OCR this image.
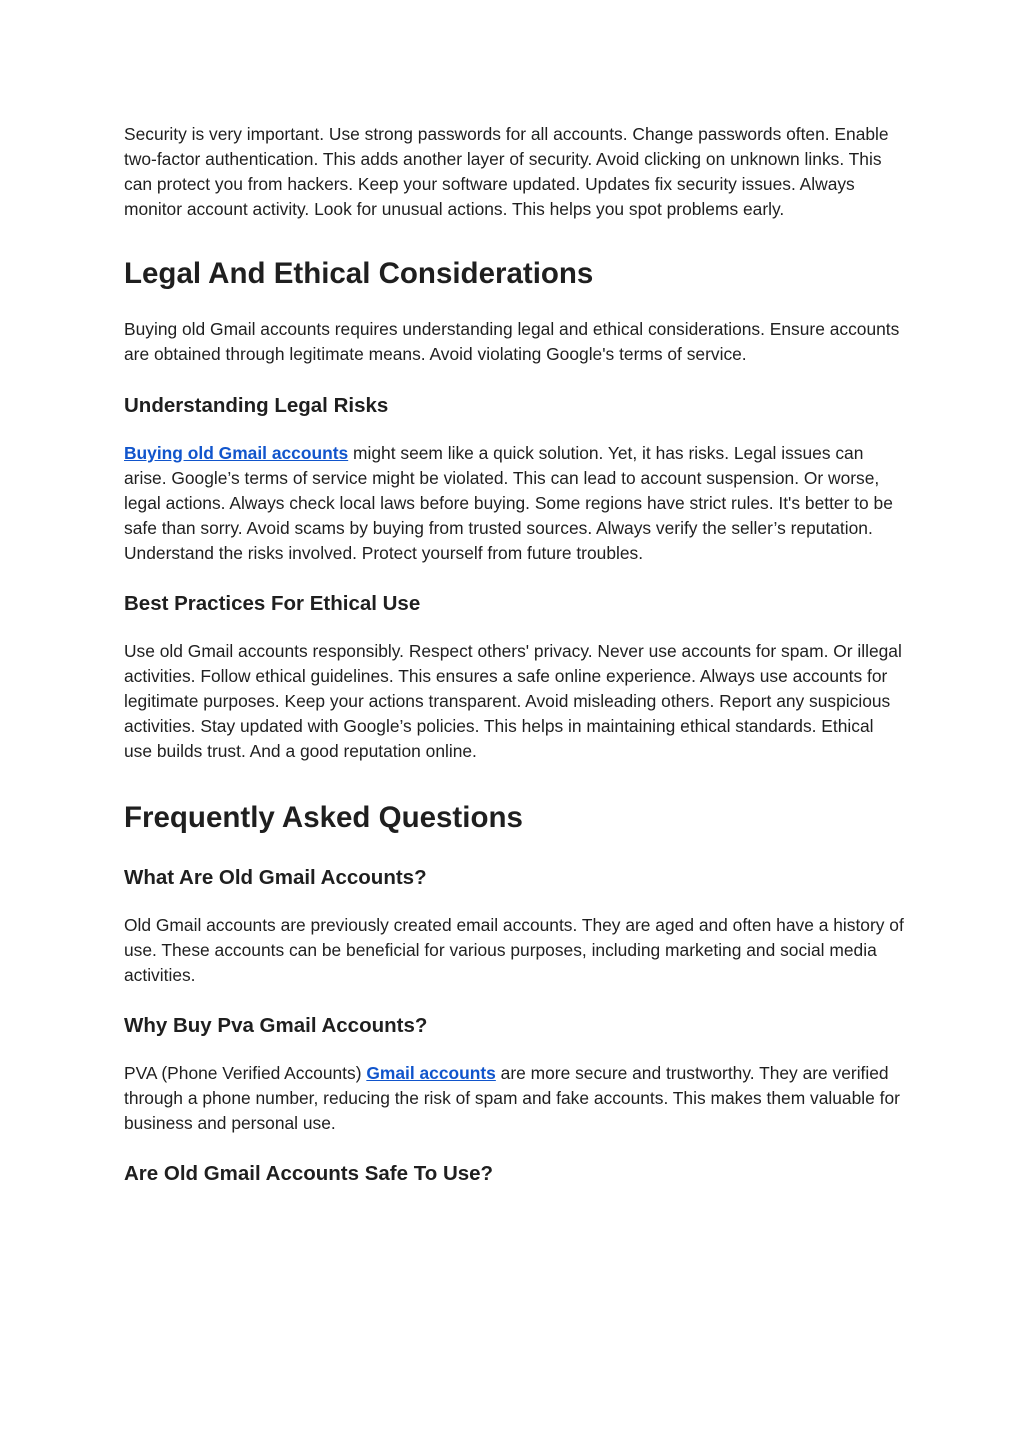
Security is very important. Use strong passwords for all accounts. Change passwords often. Enable two-factor authentication. This adds another layer of security. Avoid clicking on unknown links. This can protect you from hackers. Keep your software updated. Updates fix security issues. Always monitor account activity. Look for unusual actions. This helps you spot problems early.

Legal And Ethical Considerations

Buying old Gmail accounts requires understanding legal and ethical considerations. Ensure accounts are obtained through legitimate means. Avoid violating Google's terms of service.

Understanding Legal Risks

Buying old Gmail accounts might seem like a quick solution. Yet, it has risks. Legal issues can arise. Google’s terms of service might be violated. This can lead to account suspension. Or worse, legal actions. Always check local laws before buying. Some regions have strict rules. It's better to be safe than sorry. Avoid scams by buying from trusted sources. Always verify the seller’s reputation. Understand the risks involved. Protect yourself from future troubles.

Best Practices For Ethical Use

Use old Gmail accounts responsibly. Respect others' privacy. Never use accounts for spam. Or illegal activities. Follow ethical guidelines. This ensures a safe online experience. Always use accounts for legitimate purposes. Keep your actions transparent. Avoid misleading others. Report any suspicious activities. Stay updated with Google’s policies. This helps in maintaining ethical standards. Ethical use builds trust. And a good reputation online.

Frequently Asked Questions
What Are Old Gmail Accounts?

Old Gmail accounts are previously created email accounts. They are aged and often have a history of use. These accounts can be beneficial for various purposes, including marketing and social media activities.

Why Buy Pva Gmail Accounts?

PVA (Phone Verified Accounts) Gmail accounts are more secure and trustworthy. They are verified through a phone number, reducing the risk of spam and fake accounts. This makes them valuable for business and personal use.

Are Old Gmail Accounts Safe To Use?
